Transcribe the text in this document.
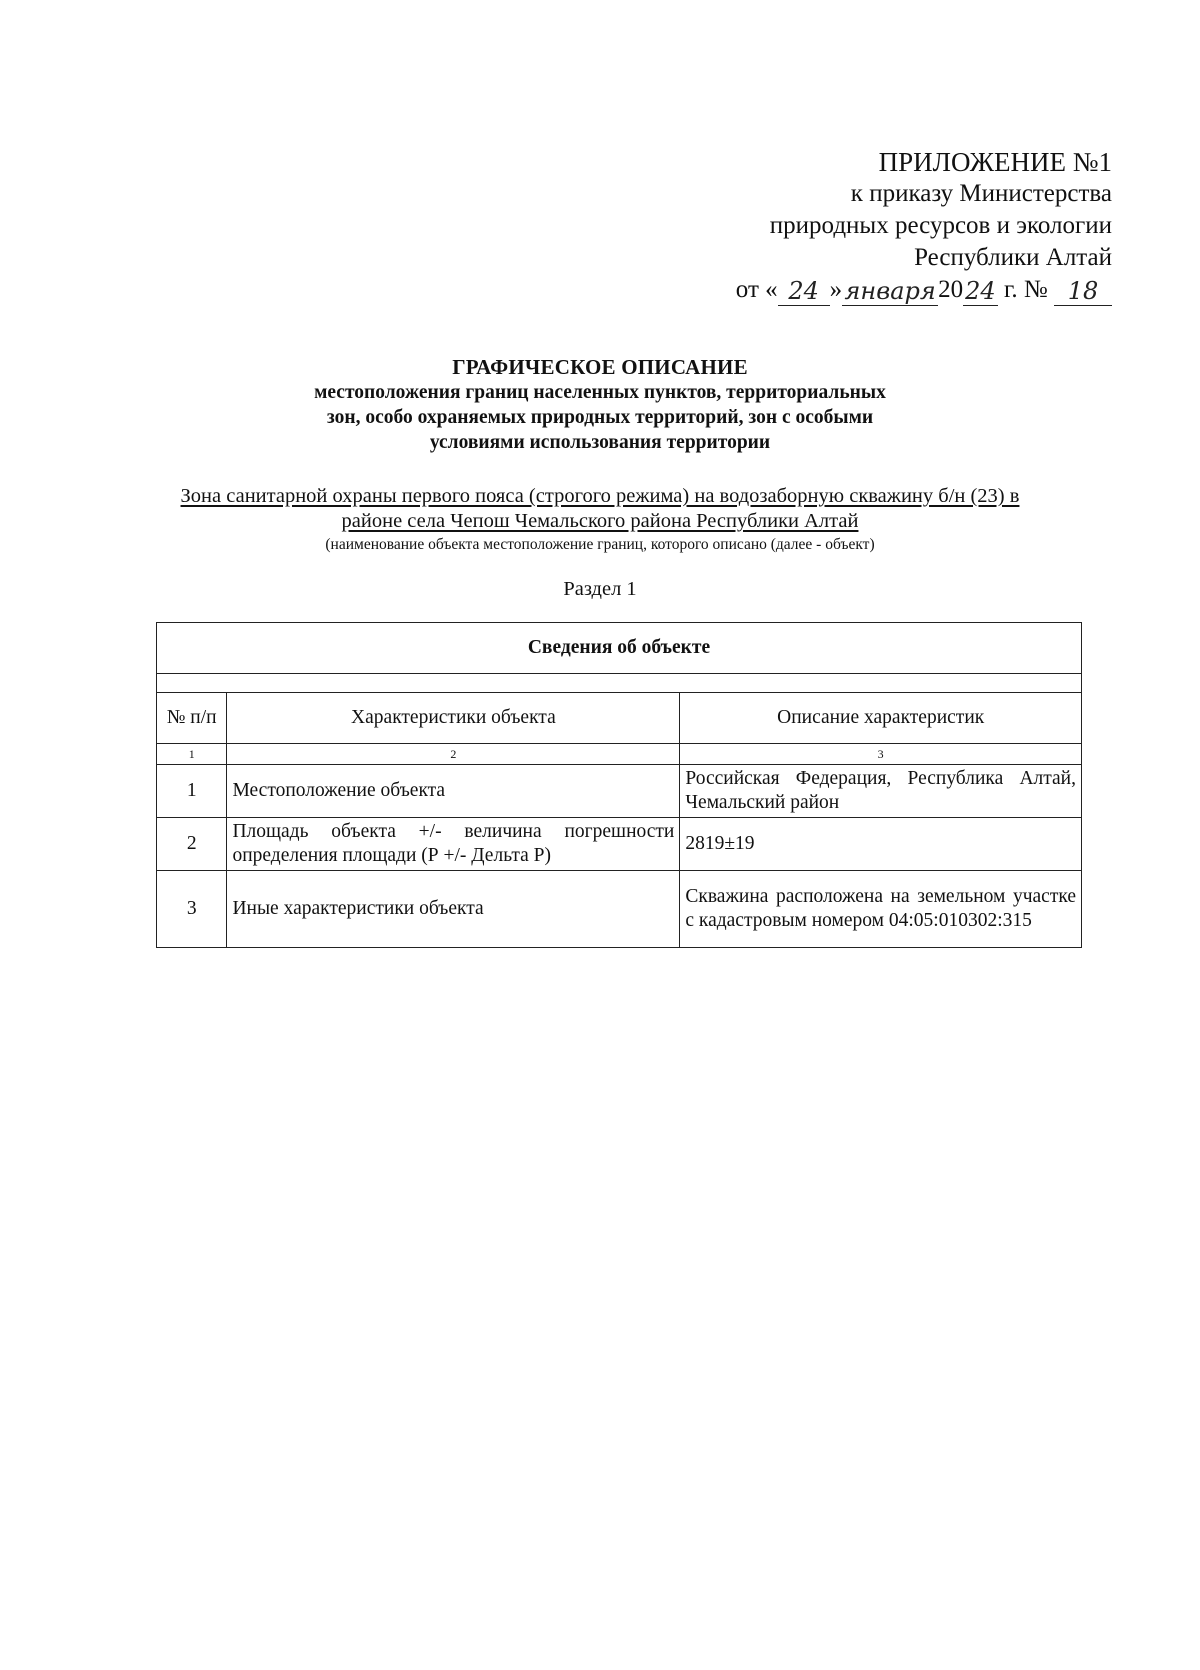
ПРИЛОЖЕНИЕ №1
к приказу Министерства
природных ресурсов и экологии
Республики Алтай
от « 24 » января 20 24 г. № 18
ГРАФИЧЕСКОЕ ОПИСАНИЕ
местоположения границ населенных пунктов, территориальных
зон, особо охраняемых природных территорий, зон с особыми
условиями использования территории
Зона санитарной охраны первого пояса (строгого режима) на водозаборную скважину б/н (23) в
районе села Чепош Чемальского района Республики Алтай
(наименование объекта местоположение границ, которого описано (далее - объект)
Раздел 1
Сведения об объекте		

№ п/п	Характеристики объекта	Описание характеристик
1	2	3
1	Местоположение объекта	Российская Федерация, Республика Алтай, Чемальский район
2	Площадь объекта +/- величина погрешности определения площади (Р +/- Дельта Р)	2819±19
3	Иные характеристики объекта	Скважина расположена на земельном участке с кадастровым номером 04:05:010302:315
